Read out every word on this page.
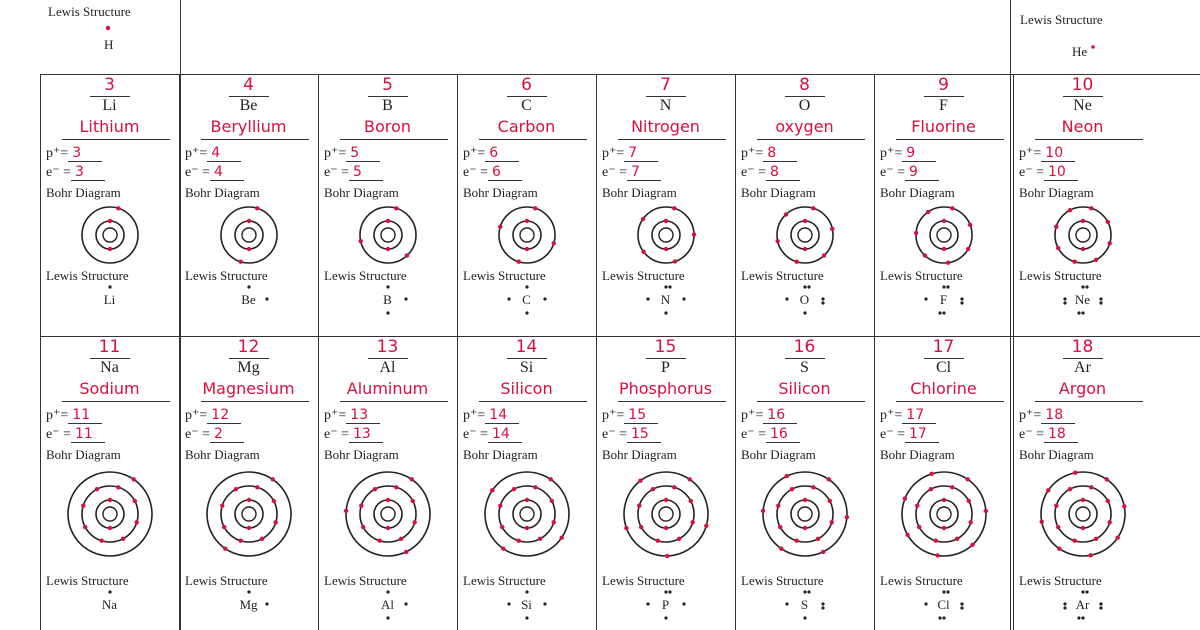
Lewis Structure
H
Lewis Structure
He
3
Li
Lithium
p⁺= 3
e⁻ = 3
Bohr Diagram
Lewis Structure
Li
4
Be
Beryllium
p⁺= 4
e⁻ = 4
Bohr Diagram
Lewis Structure
Be
5
B
Boron
p⁺= 5
e⁻ = 5
Bohr Diagram
Lewis Structure
B
6
C
Carbon
p⁺= 6
e⁻ = 6
Bohr Diagram
Lewis Structure
C
7
N
Nitrogen
p⁺= 7
e⁻ = 7
Bohr Diagram
Lewis Structure
N
8
O
oxygen
p⁺= 8
e⁻ = 8
Bohr Diagram
Lewis Structure
O
9
F
Fluorine
p⁺= 9
e⁻ = 9
Bohr Diagram
Lewis Structure
F
10
Ne
Neon
p⁺= 10
e⁻ = 10
Bohr Diagram
Lewis Structure
Ne
11
Na
Sodium
p⁺= 11
e⁻ = 11
Bohr Diagram
Lewis Structure
Na
12
Mg
Magnesium
p⁺= 12
e⁻ = 2
Bohr Diagram
Lewis Structure
Mg
13
Al
Aluminum
p⁺= 13
e⁻ = 13
Bohr Diagram
Lewis Structure
Al
14
Si
Silicon
p⁺= 14
e⁻ = 14
Bohr Diagram
Lewis Structure
Si
15
P
Phosphorus
p⁺= 15
e⁻ = 15
Bohr Diagram
Lewis Structure
P
16
S
Silicon
p⁺= 16
e⁻ = 16
Bohr Diagram
Lewis Structure
S
17
Cl
Chlorine
p⁺= 17
e⁻ = 17
Bohr Diagram
Lewis Structure
Cl
18
Ar
Argon
p⁺= 18
e⁻ = 18
Bohr Diagram
Lewis Structure
Ar
